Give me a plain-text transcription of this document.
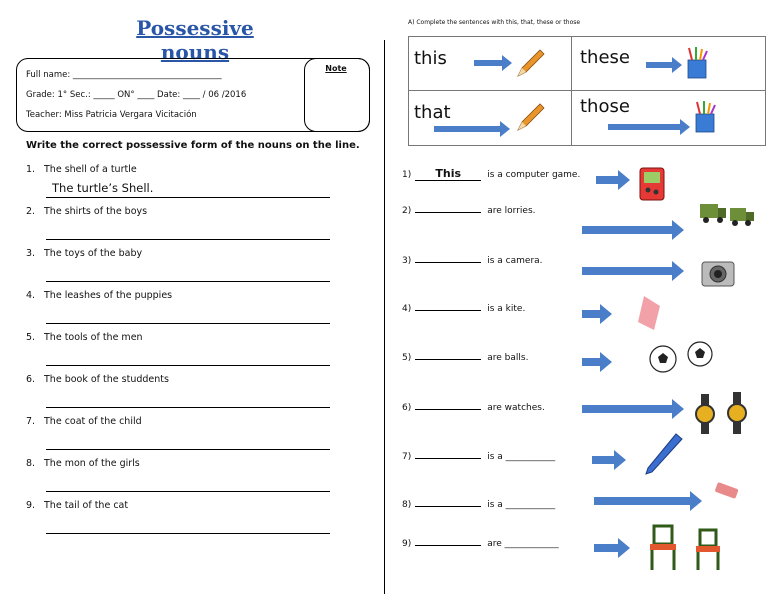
Possessive nouns
Note
Full name: ___________________________________
Grade: 1° Sec.: _____ ON° ____ Date: ____ / 06 /2016
Teacher: Miss Patricia Vergara Vicitación
Write the correct possessive form of the nouns on the line.
1. The shell of a turtle
The turtle’s Shell.
2. The shirts of the boys
3. The toys of the baby
4. The leashes of the puppies
5. The tools of the men
6. The book of the studdents
7. The coat of the child
8. The mon of the girls
9. The tail of the cat
A) Complete the sentences with this, that, these or those
this	these
that	those
1) This	is a computer game.
2)	are lorries.
3)	is a camera.
4)	is a kite.
5)	are balls.
6)	are watches.
7)	is a ___________
8)	is a ___________
9)	are ____________
